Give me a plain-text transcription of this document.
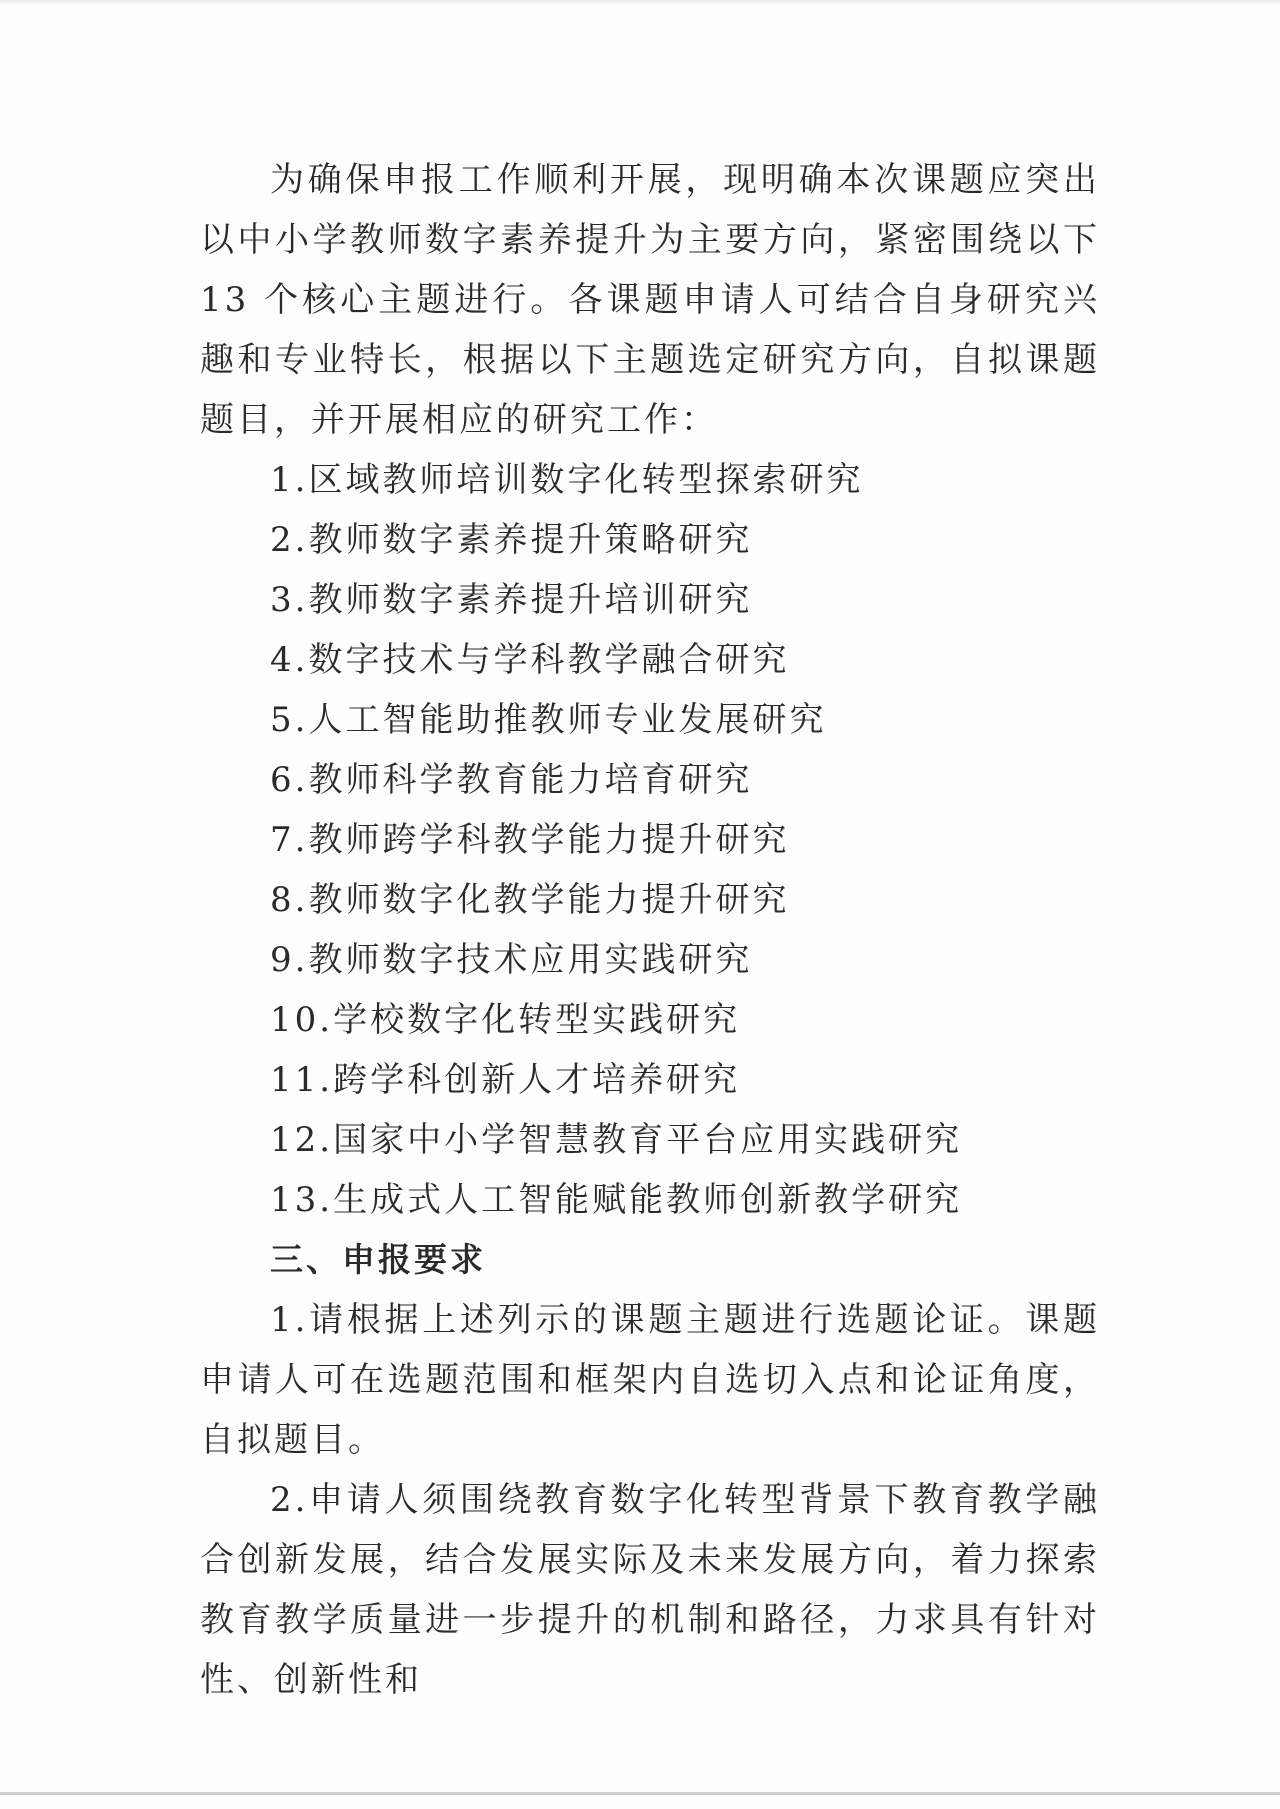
为确保申报工作顺利开展，现明确本次课题应突出以中小学教师数字素养提升为主要方向，紧密围绕以下 13 个核心主题进行。各课题申请人可结合自身研究兴趣和专业特长，根据以下主题选定研究方向，自拟课题题目，并开展相应的研究工作：

1.区域教师培训数字化转型探索研究
2.教师数字素养提升策略研究
3.教师数字素养提升培训研究
4.数字技术与学科教学融合研究
5.人工智能助推教师专业发展研究
6.教师科学教育能力培育研究
7.教师跨学科教学能力提升研究
8.教师数字化教学能力提升研究
9.教师数字技术应用实践研究
10.学校数字化转型实践研究
11.跨学科创新人才培养研究
12.国家中小学智慧教育平台应用实践研究
13.生成式人工智能赋能教师创新教学研究
三、申报要求

1.请根据上述列示的课题主题进行选题论证。课题申请人可在选题范围和框架内自选切入点和论证角度，自拟题目。

2.申请人须围绕教育数字化转型背景下教育教学融合创新发展，结合发展实际及未来发展方向，着力探索教育教学质量进一步提升的机制和路径，力求具有针对性、创新性和
